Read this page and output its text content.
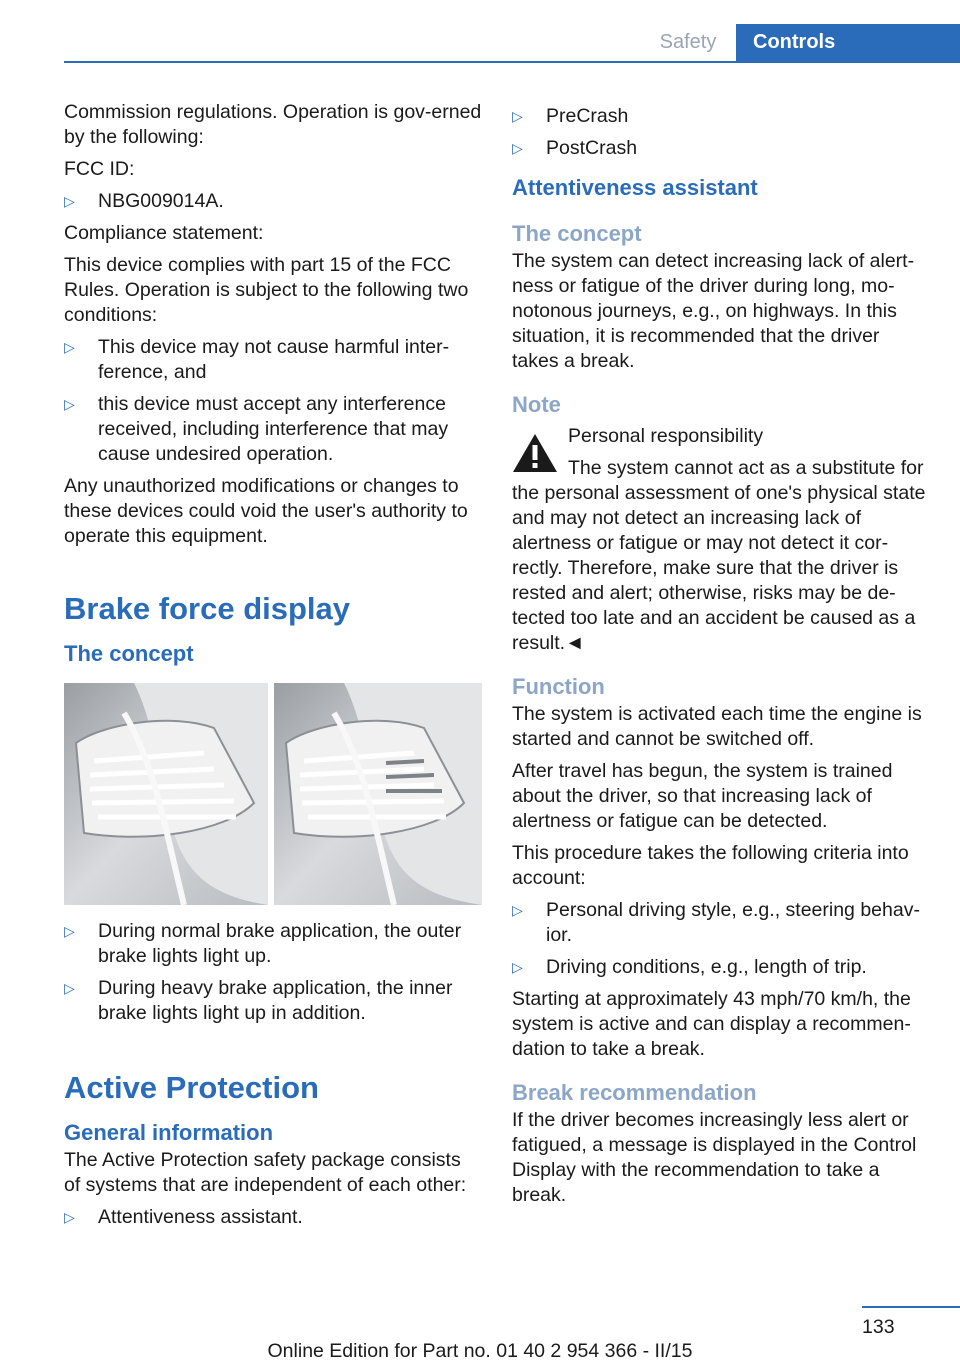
Safety	Controls

Commission regulations. Operation is gov‐erned by the following:

FCC ID:

▷	NBG009014A.

Compliance statement:

This device complies with part 15 of the FCC Rules. Operation is subject to the following two conditions:

▷	This device may not cause harmful inter‐ference, and
▷	this device must accept any interference received, including interference that may cause undesired operation.

Any unauthorized modifications or changes to these devices could void the user's authority to operate this equipment.

Brake force display
The concept
▷	During normal brake application, the outer brake lights light up.
▷	During heavy brake application, the inner brake lights light up in addition.
Active Protection
General information

The Active Protection safety package consists of systems that are independent of each other:

▷	Attentiveness assistant.
▷	PreCrash
▷	PostCrash
Attentiveness assistant
The concept

The system can detect increasing lack of alert‐ness or fatigue of the driver during long, mo‐notonous journeys, e.g., on highways. In this situation, it is recommended that the driver takes a break.

Note

Personal responsibility

The system cannot act as a substitute for the personal assessment of one's physical state and may not detect an increasing lack of alertness or fatigue or may not detect it cor‐rectly. Therefore, make sure that the driver is rested and alert; otherwise, risks may be de‐tected too late and an accident be caused as a result.◄

Function

The system is activated each time the engine is started and cannot be switched off.

After travel has begun, the system is trained about the driver, so that increasing lack of alertness or fatigue can be detected.

This procedure takes the following criteria into account:

▷	Personal driving style, e.g., steering behav‐ior.
▷	Driving conditions, e.g., length of trip.

Starting at approximately 43 mph/70 km/h, the system is active and can display a recommen‐dation to take a break.

Break recommendation

If the driver becomes increasingly less alert or fatigued, a message is displayed in the Control Display with the recommendation to take a break.

133
Online Edition for Part no. 01 40 2 954 366 - II/15
